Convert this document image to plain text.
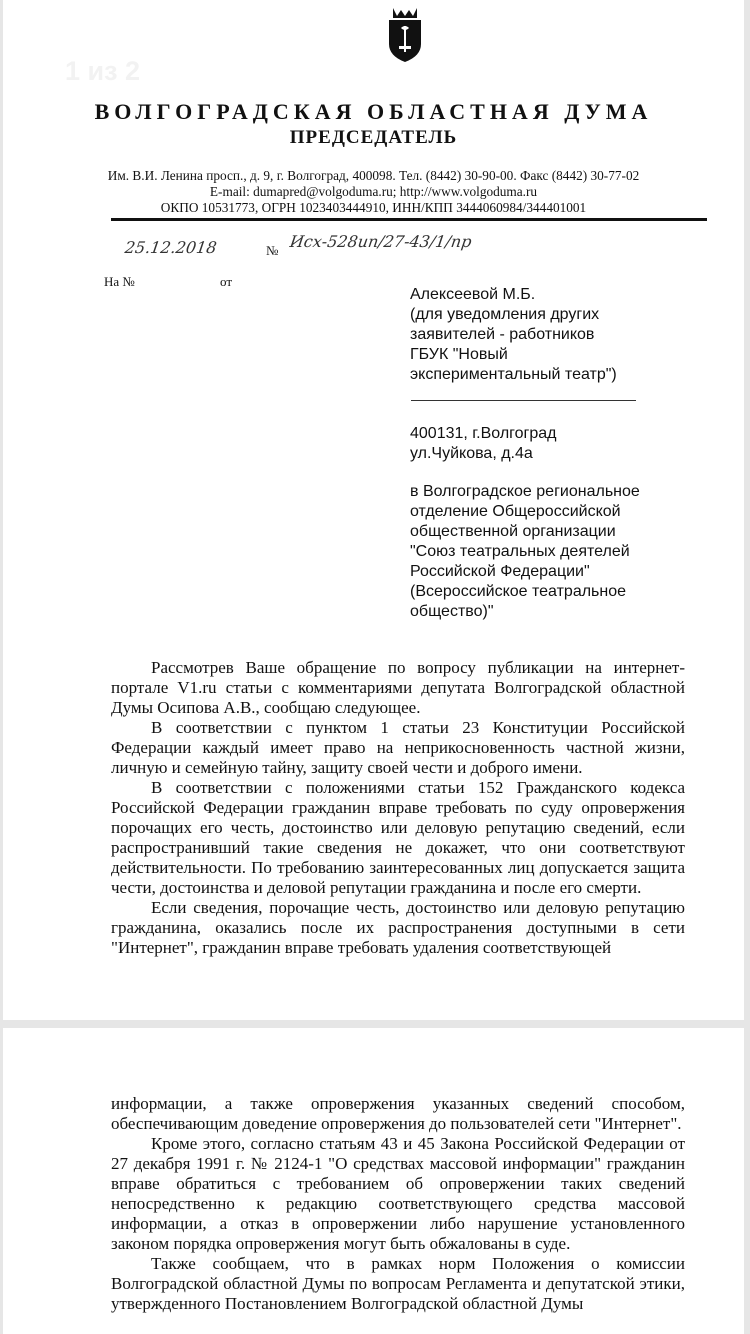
1 из 2
ВОЛГОГРАДСКАЯ ОБЛАСТНАЯ ДУМА
ПРЕДСЕДАТЕЛЬ
Им. В.И. Ленина просп., д. 9, г. Волгоград, 400098. Тел. (8442) 30-90-00. Факс (8442) 30-77-02
E-mail: dumapred@volgoduma.ru; http://www.volgoduma.ru
ОКПО 10531773, ОГРН 1023403444910, ИНН/КПП 3444060984/344401001
25.12.2018	№ Исх-528ип/27-43/1/пр
На №	от
Алексеевой М.Б.
(для уведомления других
заявителей - работников
ГБУК "Новый
экспериментальный театр")
400131, г.Волгоград
ул.Чуйкова, д.4а
в Волгоградское региональное
отделение Общероссийской
общественной организации
"Союз театральных деятелей
Российской Федерации"
(Всероссийское театральное
общество)"

Рассмотрев Ваше обращение по вопросу публикации на интернет-портале V1.ru статьи с комментариями депутата Волгоградской областной Думы Осипова А.В., сообщаю следующее.

В соответствии с пунктом 1 статьи 23 Конституции Российской Федерации каждый имеет право на неприкосновенность частной жизни, личную и семейную тайну, защиту своей чести и доброго имени.

В соответствии с положениями статьи 152 Гражданского кодекса Российской Федерации гражданин вправе требовать по суду опровержения порочащих его честь, достоинство или деловую репутацию сведений, если распространивший такие сведения не докажет, что они соответствуют действительности. По требованию заинтересованных лиц допускается защита чести, достоинства и деловой репутации гражданина и после его смерти.

Если сведения, порочащие честь, достоинство или деловую репутацию гражданина, оказались после их распространения доступными в сети "Интернет", гражданин вправе требовать удаления соответствующей

информации, а также опровержения указанных сведений способом, обеспечивающим доведение опровержения до пользователей сети "Интернет".

Кроме этого, согласно статьям 43 и 45 Закона Российской Федерации от 27 декабря 1991 г. № 2124-1 "О средствах массовой информации" гражданин вправе обратиться с требованием об опровержении таких сведений непосредственно к редакцию соответствующего средства массовой информации, а отказ в опровержении либо нарушение установленного законом порядка опровержения могут быть обжалованы в суде.

Также сообщаем, что в рамках норм Положения о комиссии Волгоградской областной Думы по вопросам Регламента и депутатской этики, утвержденного Постановлением Волгоградской областной Думы
